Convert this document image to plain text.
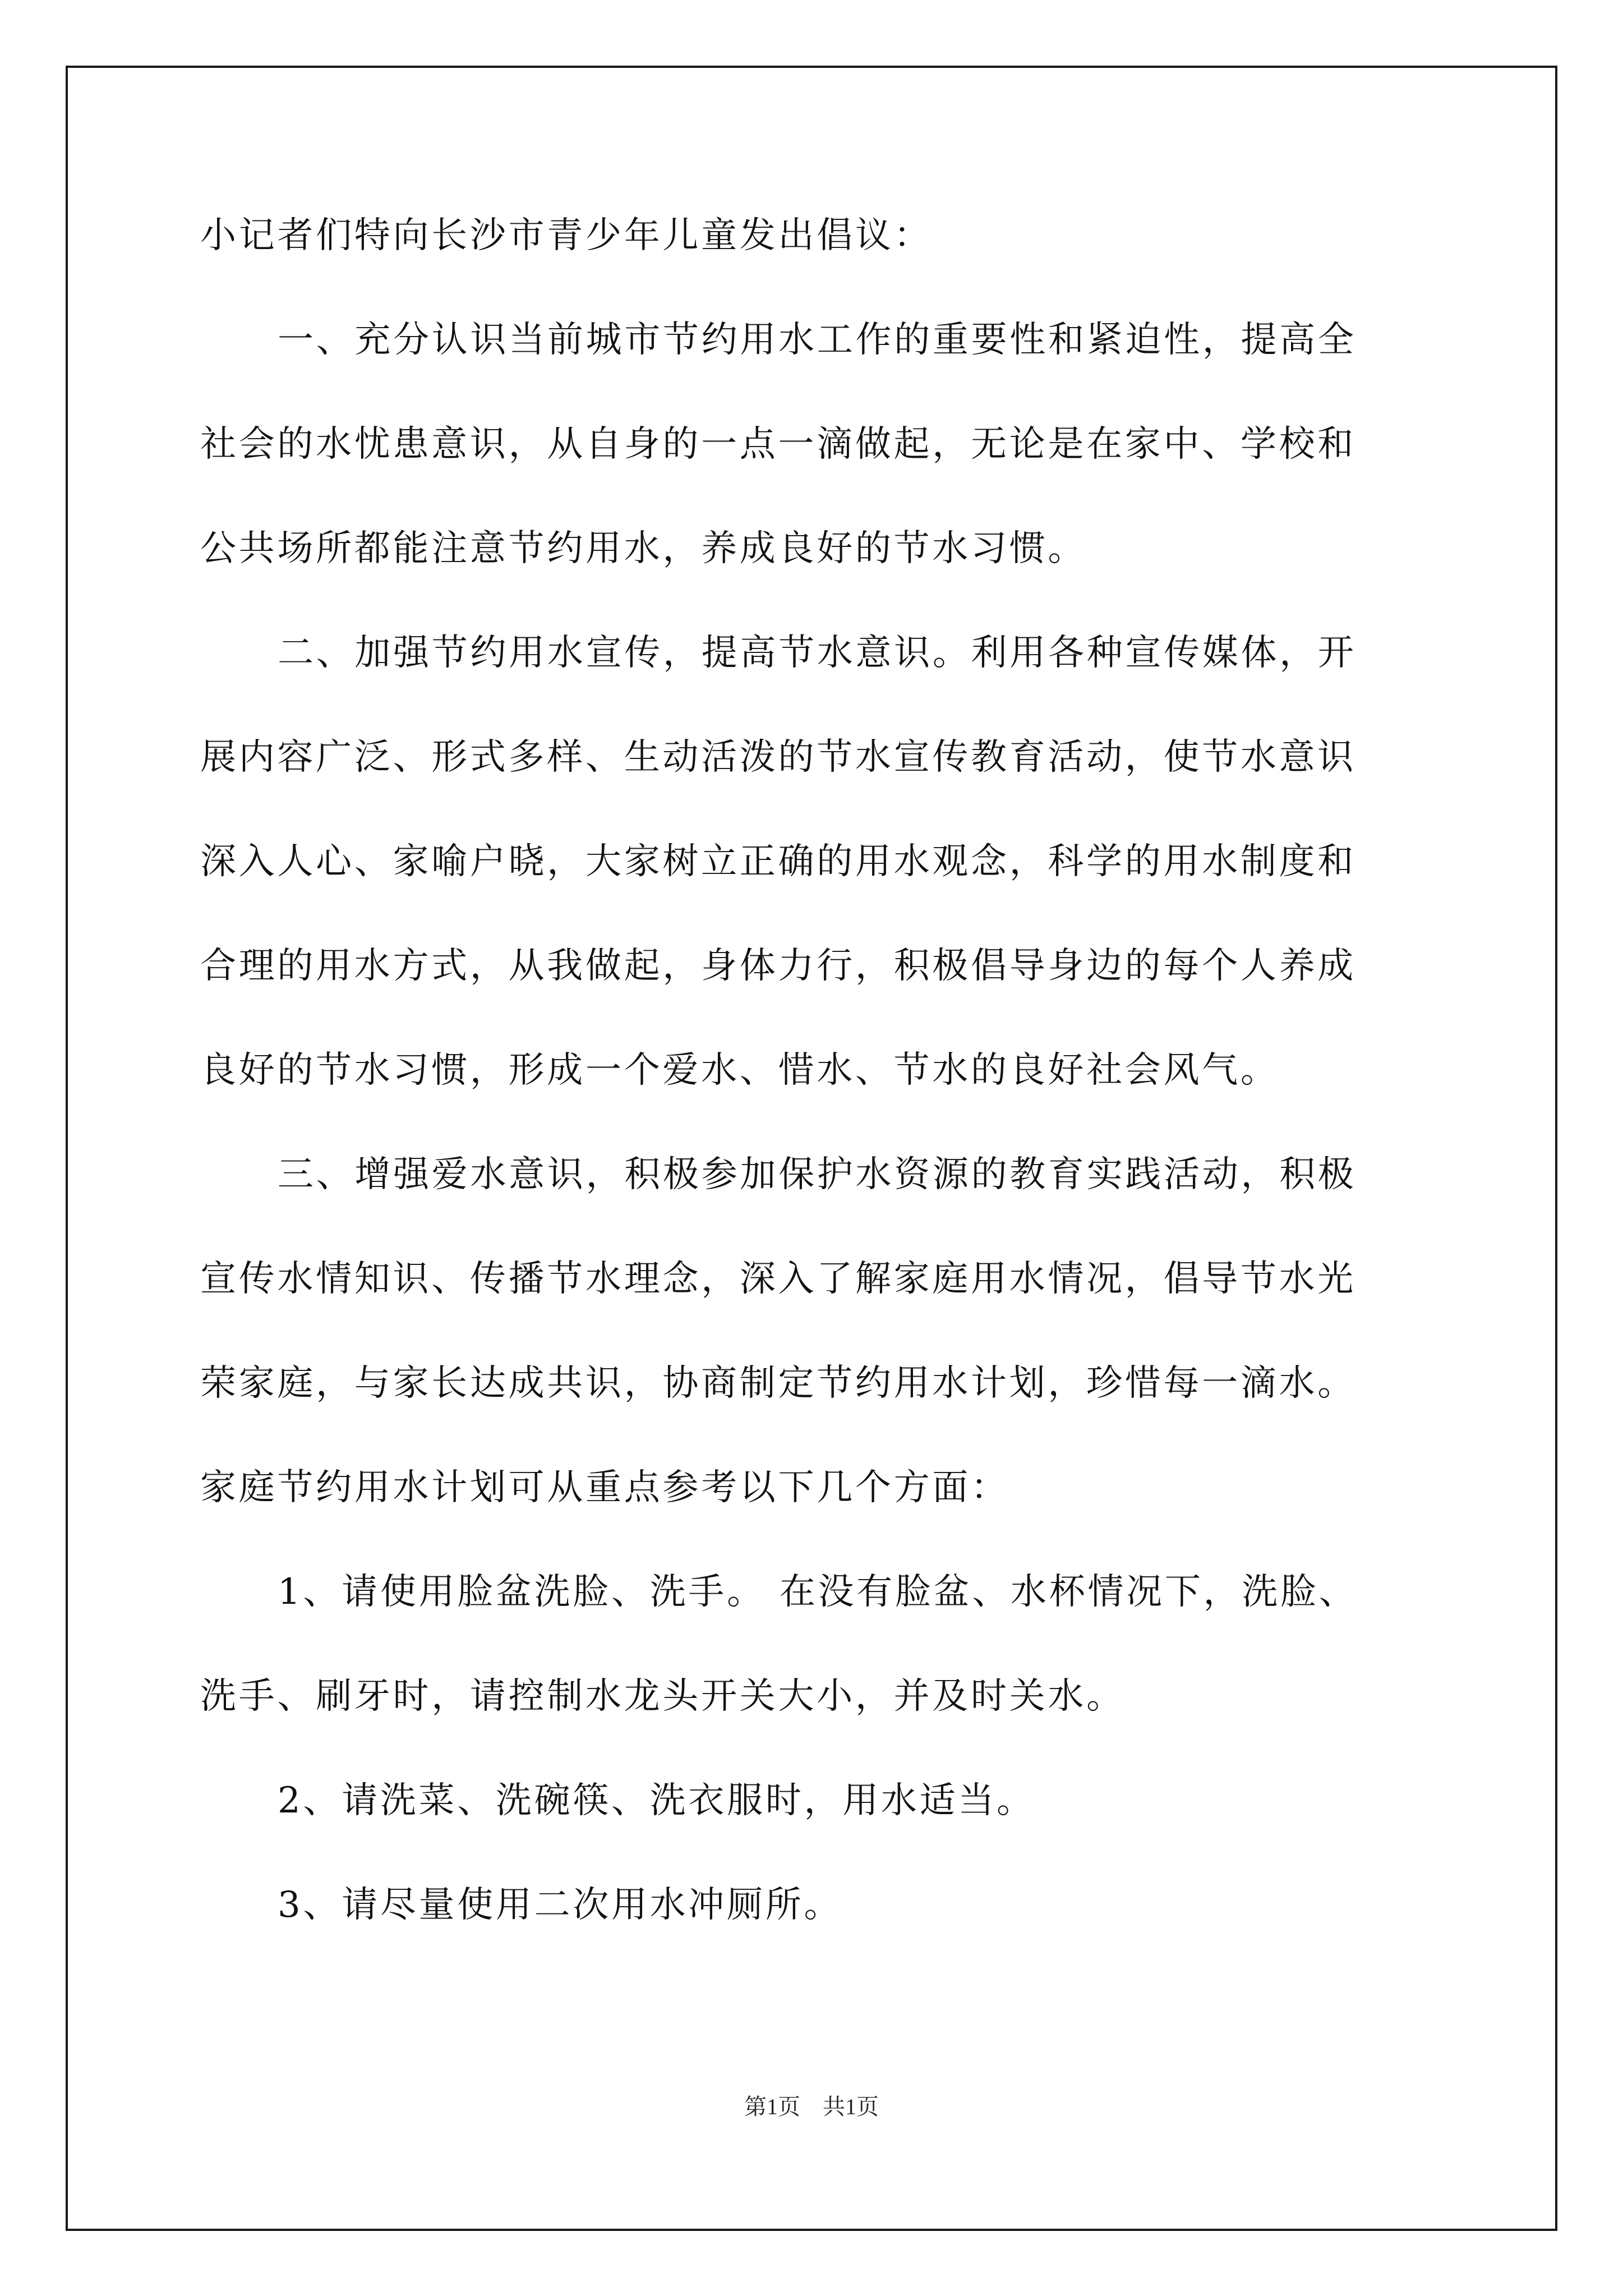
小记者们特向长沙市青少年儿童发出倡议：
一、充分认识当前城市节约用水工作的重要性和紧迫性，提高全
社会的水忧患意识，从自身的一点一滴做起，无论是在家中、学校和
公共场所都能注意节约用水，养成良好的节水习惯。
二、加强节约用水宣传，提高节水意识。利用各种宣传媒体，开
展内容广泛、形式多样、生动活泼的节水宣传教育活动，使节水意识
深入人心、家喻户晓，大家树立正确的用水观念，科学的用水制度和
合理的用水方式，从我做起，身体力行，积极倡导身边的每个人养成
良好的节水习惯，形成一个爱水、惜水、节水的良好社会风气。
三、增强爱水意识，积极参加保护水资源的教育实践活动，积极
宣传水情知识、传播节水理念，深入了解家庭用水情况，倡导节水光
荣家庭，与家长达成共识，协商制定节约用水计划，珍惜每一滴水。
家庭节约用水计划可从重点参考以下几个方面：
1、请使用脸盆洗脸、洗手。 在没有脸盆、水杯情况下，洗脸、
洗手、刷牙时，请控制水龙头开关大小，并及时关水。
2、请洗菜、洗碗筷、洗衣服时，用水适当。
3、请尽量使用二次用水冲厕所。
第1页 共1页
